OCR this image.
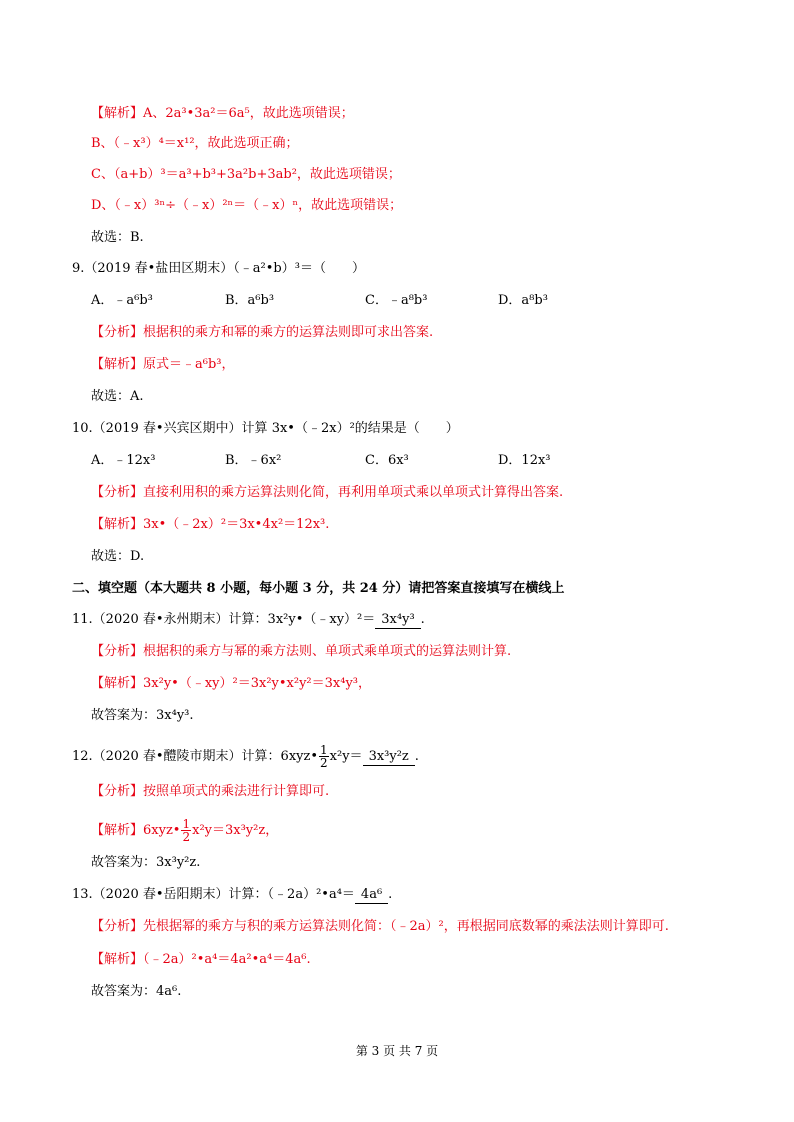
【解析】A、2a³•3a²＝6a⁵，故此选项错误；
B、（﹣x³）⁴＝x¹²，故此选项正确；
C、（a+b）³＝a³+b³+3a²b+3ab²，故此选项错误；
D、（﹣x）³ⁿ÷（﹣x）²ⁿ＝（﹣x）ⁿ，故此选项错误；
故选：B.
9.（2019 春•盐田区期末）（﹣a²•b）³＝（　　）
A．﹣a⁶b³	B．a⁶b³	C．﹣a⁸b³	D．a⁸b³
【分析】根据积的乘方和幂的乘方的运算法则即可求出答案.
【解析】原式＝﹣a⁶b³，
故选：A.
10.（2019 春•兴宾区期中）计算 3x•（﹣2x）²的结果是（　　）
A．﹣12x³	B．﹣6x²	C．6x³	D．12x³
【分析】直接利用积的乘方运算法则化简，再利用单项式乘以单项式计算得出答案.
【解析】3x•（﹣2x）²＝3x•4x²＝12x³.
故选：D.
二、填空题（本大题共 8 小题，每小题 3 分，共 24 分）请把答案直接填写在横线上
11.（2020 春•永州期末）计算：3x²y•（﹣xy）²＝ 3x⁴y³ .
【分析】根据积的乘方与幂的乘方法则、单项式乘单项式的运算法则计算.
【解析】3x²y•（﹣xy）²＝3x²y•x²y²＝3x⁴y³，
故答案为：3x⁴y³.
12.（2020 春•醴陵市期末）计算：6xyz• $\frac{1}{2} x^2y= 3x^3y^2z$ .
【分析】按照单项式的乘法进行计算即可.
【解析】6xyz• $\frac{1}{2} x^2y=3x^3y^2z$，
故答案为：3x³y²z.
13.（2020 春•岳阳期末）计算：（﹣2a）²•a⁴＝ 4a⁶ .
【分析】先根据幂的乘方与积的乘方运算法则化简：（﹣2a）²，再根据同底数幂的乘法法则计算即可.
【解析】（﹣2a）²•a⁴＝4a²•a⁴＝4a⁶.
故答案为：4a⁶.
第 3 页 共 7 页
